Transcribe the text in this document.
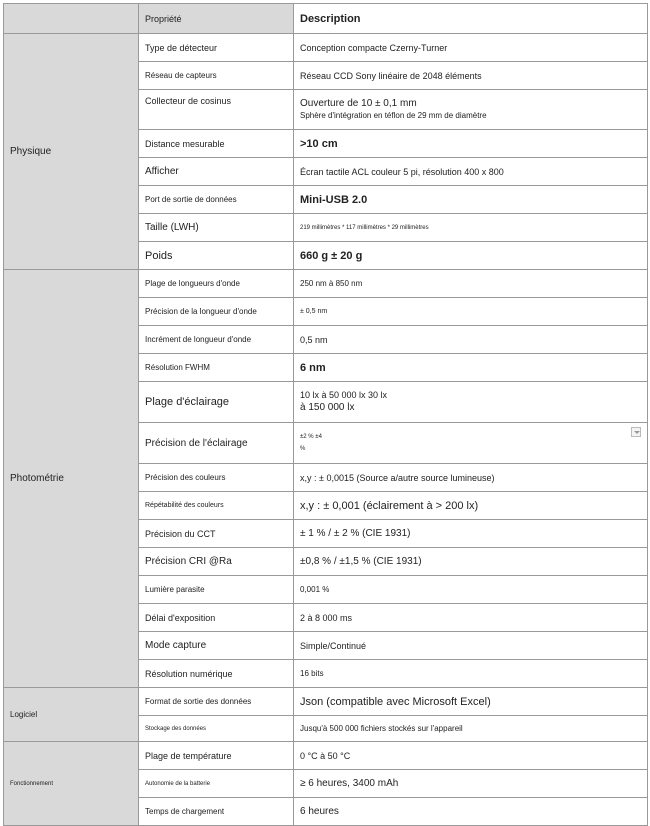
	Propriété	Description
Physique	Type de détecteur	Conception compacte Czerny-Turner
	Réseau de capteurs	Réseau CCD Sony linéaire de 2048 éléments
	Collecteur de cosinus	Ouverture de 10 ± 0,1 mm
Sphère d'intégration en téflon de 29 mm de diamètre

	Distance mesurable	>10 cm
	Afficher	Écran tactile ACL couleur 5 pi, résolution 400 x 800
	Port de sortie de données	Mini-USB 2.0
	Taille (LWH)	219 millimètres * 117 millimètres * 29 millimètres
	Poids	660 g ± 20 g
Photométrie	Plage de longueurs d'onde	250 nm à 850 nm
	Précision de la longueur d'onde	± 0,5 nm
	Incrément de longueur d'onde	0,5 nm
	Résolution FWHM	6 nm
	Plage d'éclairage	10 lx à 50 000 lx 30 lx
à 150 000 lx

	Précision de l'éclairage	±2 % ±4
%

	Précision des couleurs	x,y : ± 0,0015 (Source a/autre source lumineuse)
	Répétabilité des couleurs	x,y : ± 0,001 (éclairement à > 200 lx)
	Précision du CCT	± 1 % / ± 2 % (CIE 1931)
	Précision CRI @Ra	±0,8 % / ±1,5 % (CIE 1931)
	Lumière parasite	0,001 %
	Délai d'exposition	2 à 8 000 ms
	Mode capture	Simple/Continué
	Résolution numérique	16 bits
Logiciel	Format de sortie des données	Json (compatible avec Microsoft Excel)
	Stockage des données	Jusqu'à 500 000 fichiers stockés sur l'appareil
Fonctionnement	Plage de température	0 °C à 50 °C
	Autonomie de la batterie	≥ 6 heures, 3400 mAh
	Temps de chargement	6 heures
